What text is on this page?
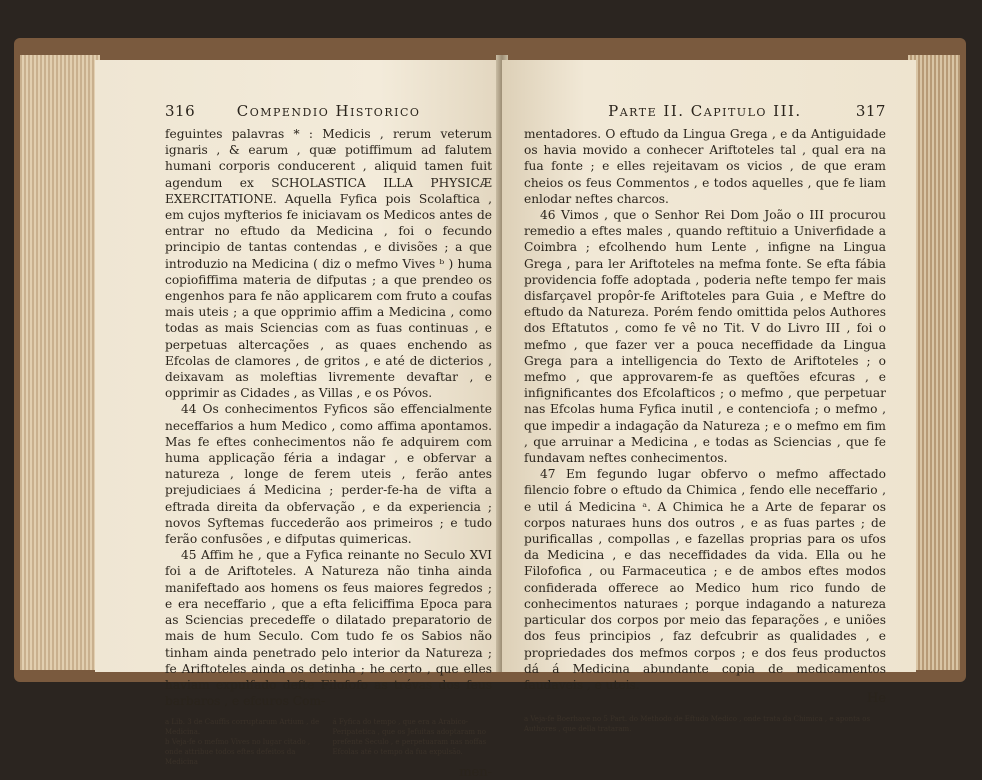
316	Compendio Historico

feguintes palavras * : Medicis , rerum veterum ignaris , & earum , quæ potiffimum ad falutem humani corporis conducerent , aliquid tamen fuit agendum ex SCHOLASTICA ILLA PHYSICÆ EXERCITATIONE. Aquella Fyfica pois Scolaftica , em cujos myfterios fe iniciavam os Medicos antes de entrar no eftudo da Medicina , foi o fecundo principio de tantas contendas , e divisões ; a que introduzio na Medicina ( diz o mefmo Vives ᵇ ) huma copiofiffima materia de difputas ; a que prendeo os engenhos para fe não applicarem com fruto a coufas mais uteis ; a que opprimio affim a Medicina , como todas as mais Sciencias com as fuas continuas , e perpetuas altercações , as quaes enchendo as Efcolas de clamores , de gritos , e até de dicterios , deixavam as moleftias livremente devaftar , e opprimir as Cidades , as Villas , e os Póvos.

44 Os conhecimentos Fyficos são effencialmente neceffarios a hum Medico , como affima apontamos. Mas fe eftes conhecimentos não fe adquirem com huma applicação féria a indagar , e obfervar a natureza , longe de ferem uteis , ferão antes prejudiciaes á Medicina ; perder-fe-ha de vifta a eftrada direita da obfervação , e da experiencia ; novos Syftemas fuccederão aos primeiros ; e tudo ferão confusões , e difputas quimericas.

45 Affim he , que a Fyfica reinante no Seculo XVI foi a de Ariftoteles. A Natureza não tinha ainda manifeftado aos homens os feus maiores fegredos ; e era neceffario , que a efta feliciffima Epoca para as Sciencias precedeffe o dilatado preparatorio de mais de hum Seculo. Com tudo fe os Sabios não tinham ainda penetrado pelo interior da Natureza ; fe Ariftoteles ainda os detinha ; he certo , que elles haviam expulfado defte Filofofo as trévas dos feus barbaros , e efcuros Com-

a Lib. 3 de Cauffis corruptarum Artium , de Medicina.
b Veja-fe o mefmo Vives no lugar citado , onde attribue todos eftes defeitos da Medicina
á Fyfica do tempo , que era a Arabico-Peripatetica , que os Jefuitas adoptaram no prefente Seculo , e perpetuaram nas noffas Efcolas até o tempo da fua expulsão.
men-
Parte II. Capitulo III.	317

mentadores. O eftudo da Lingua Grega , e da Antiguidade os havia movido a conhecer Ariftoteles tal , qual era na fua fonte ; e elles rejeitavam os vicios , de que eram cheios os feus Commentos , e todos aquelles , que fe liam enlodar neftes charcos.

46 Vimos , que o Senhor Rei Dom João o III procurou remedio a eftes males , quando reftituio a Univerfidade a Coimbra ; efcolhendo hum Lente , infigne na Lingua Grega , para ler Ariftoteles na mefma fonte. Se efta fábia providencia foffe adoptada , poderia nefte tempo fer mais disfarçavel propôr-fe Ariftoteles para Guia , e Meftre do eftudo da Natureza. Porém fendo omittida pelos Authores dos Eftatutos , como fe vê no Tit. V do Livro III , foi o mefmo , que fazer ver a pouca neceffidade da Lingua Grega para a intelligencia do Texto de Ariftoteles ; o mefmo , que approvarem-fe as queftões efcuras , e infignificantes dos Efcolafticos ; o mefmo , que perpetuar nas Efcolas huma Fyfica inutil , e contenciofa ; o mefmo , que impedir a indagação da Natureza ; e o mefmo em fim , que arruinar a Medicina , e todas as Sciencias , que fe fundavam neftes conhecimentos.

47 Em fegundo lugar obfervo o mefmo affectado filencio fobre o eftudo da Chimica , fendo elle neceffario , e util á Medicina ᵃ. A Chimica he a Arte de feparar os corpos naturaes huns dos outros , e as fuas partes ; de purificallas , compollas , e fazellas proprias para os ufos da Medicina , e das neceffidades da vida. Ella ou he Filofofica , ou Farmaceutica ; e de ambos eftes modos confiderada offerece ao Medico hum rico fundo de conhecimentos naturaes ; porque indagando a natureza particular dos corpos por meio das feparações , e uniões dos feus principios , faz defcubrir as qualidades , e propriedades dos mefmos corpos ; e dos feus productos dá á Medicina abundante copia de medicamentos faudaveis , e uteis.

He
a Veja-fe Boerhave no 5 Part. do Methodo de Eftudo Medico , onde trata da Chimica , e aponta os Authores , que della trataram.
